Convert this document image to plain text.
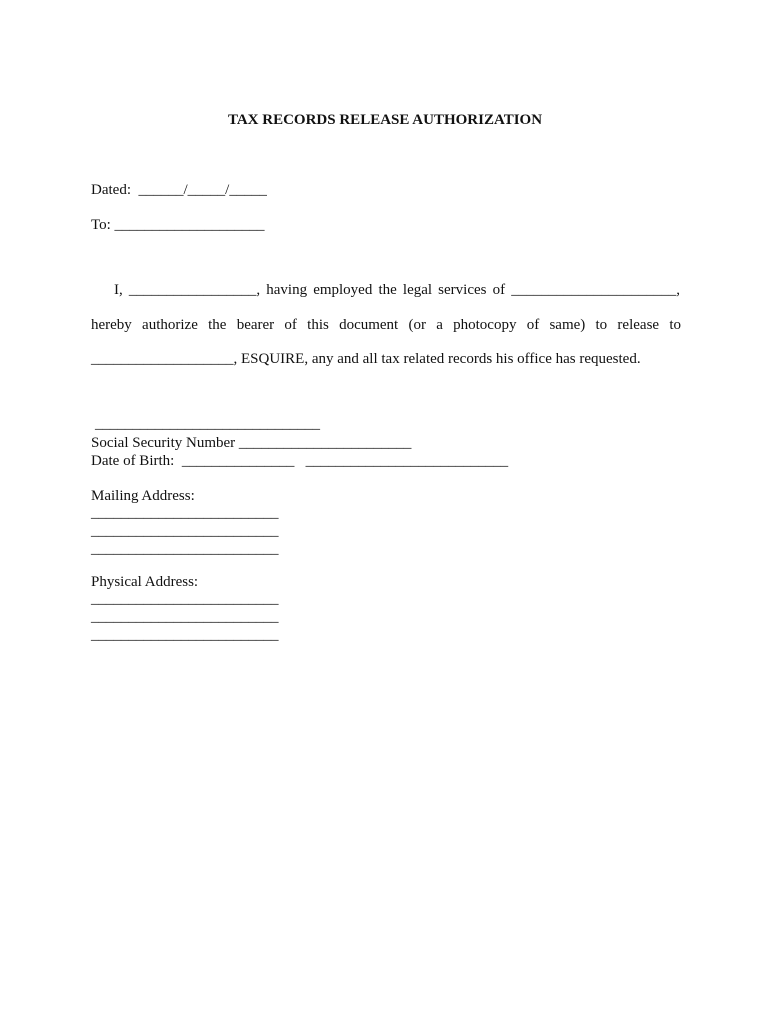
TAX RECORDS RELEASE AUTHORIZATION
Dated:  ______/_____/_____
To: ____________________
I, _________________, having employed the legal services of ______________________,
hereby authorize the bearer of this document (or a photocopy of same) to release to
___________________, ESQUIRE, any and all tax related records his office has requested.
______________________________
Social Security Number _______________________
Date of Birth:  _______________   ___________________________
Mailing Address:
_________________________
_________________________
_________________________
Physical Address:
_________________________
_________________________
_________________________
